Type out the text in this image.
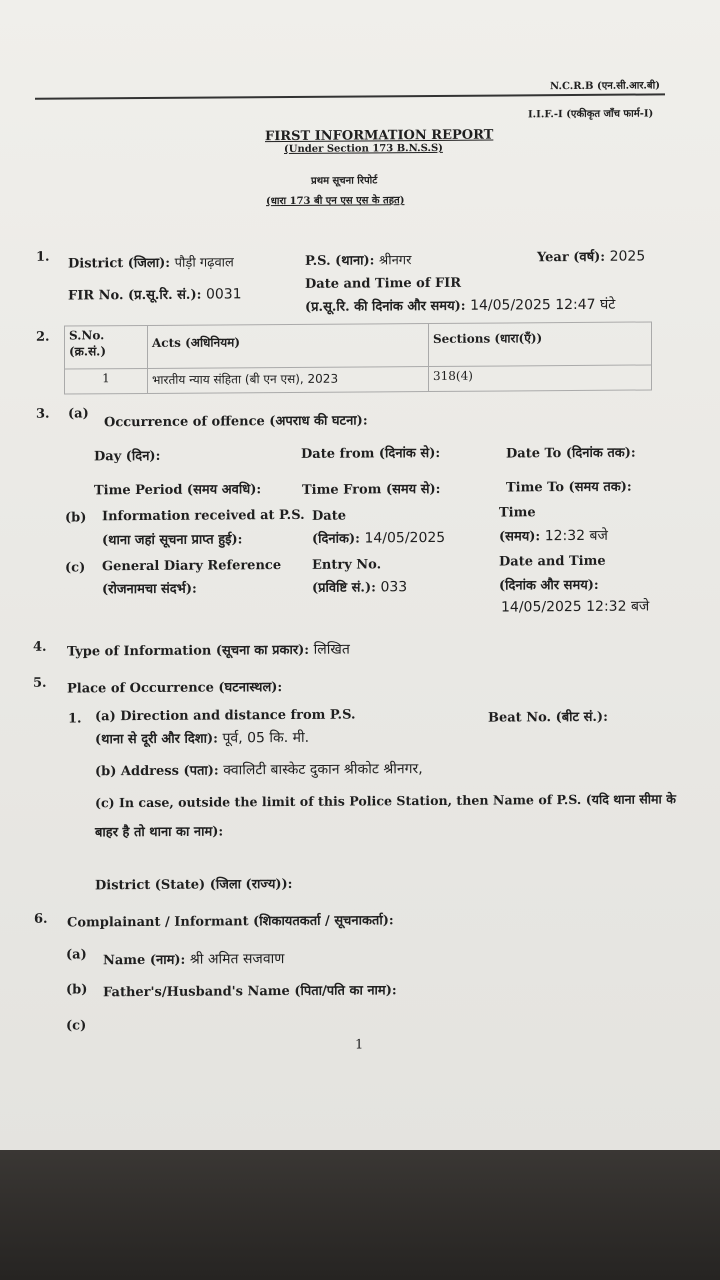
N.C.R.B (एन.सी.आर.बी)
I.I.F.-I (एकीकृत जाँच फार्म-I)
FIRST INFORMATION REPORT
(Under Section 173 B.N.S.S)
प्रथम सूचना रिपोर्ट
(धारा 173 बी एन एस एस के तहत)
1. District (जिला): पौड़ी गढ़वाल	P.S. (थाना): श्रीनगर	Year (वर्ष): 2025
FIR No. (प्र.सू.रि. सं.): 0031
Date and Time of FIR
(प्र.सू.रि. की दिनांक और समय): 14/05/2025 12:47 घंटे
2. S.No.
(क्र.सं.)	Acts (अधिनियम)	Sections (धारा(एँ))
1	भारतीय न्याय संहिता (बी एन एस), 2023	318(4)
3. (a) Occurrence of offence (अपराध की घटना):
Day (दिन):	Date from (दिनांक से):	Date To (दिनांक तक):
Time Period (समय अवधि):	Time From (समय से):	Time To (समय तक):
(b) Information received at P.S.
(थाना जहां सूचना प्राप्त हुई):
Date
(दिनांक): 14/05/2025
Time
(समय): 12:32 बजे
(c) General Diary Reference
(रोजनामचा संदर्भ):
Entry No.
(प्रविष्टि सं.): 033
Date and Time
(दिनांक और समय):
14/05/2025 12:32 बजे
4. Type of Information (सूचना का प्रकार): लिखित
5. Place of Occurrence (घटनास्थल):
1. (a) Direction and distance from P.S.
(थाना से दूरी और दिशा): पूर्व, 05 कि. मी.
Beat No. (बीट सं.):
(b) Address (पता): क्वालिटी बास्केट दुकान श्रीकोट श्रीनगर,
(c) In case, outside the limit of this Police Station, then Name of P.S. (यदि थाना सीमा के
बाहर है तो थाना का नाम):
District (State) (जिला (राज्य)):
6. Complainant / Informant (शिकायतकर्ता / सूचनाकर्ता):
(a) Name (नाम): श्री अमित सजवाण
(b) Father's/Husband's Name (पिता/पति का नाम):
(c)
1
